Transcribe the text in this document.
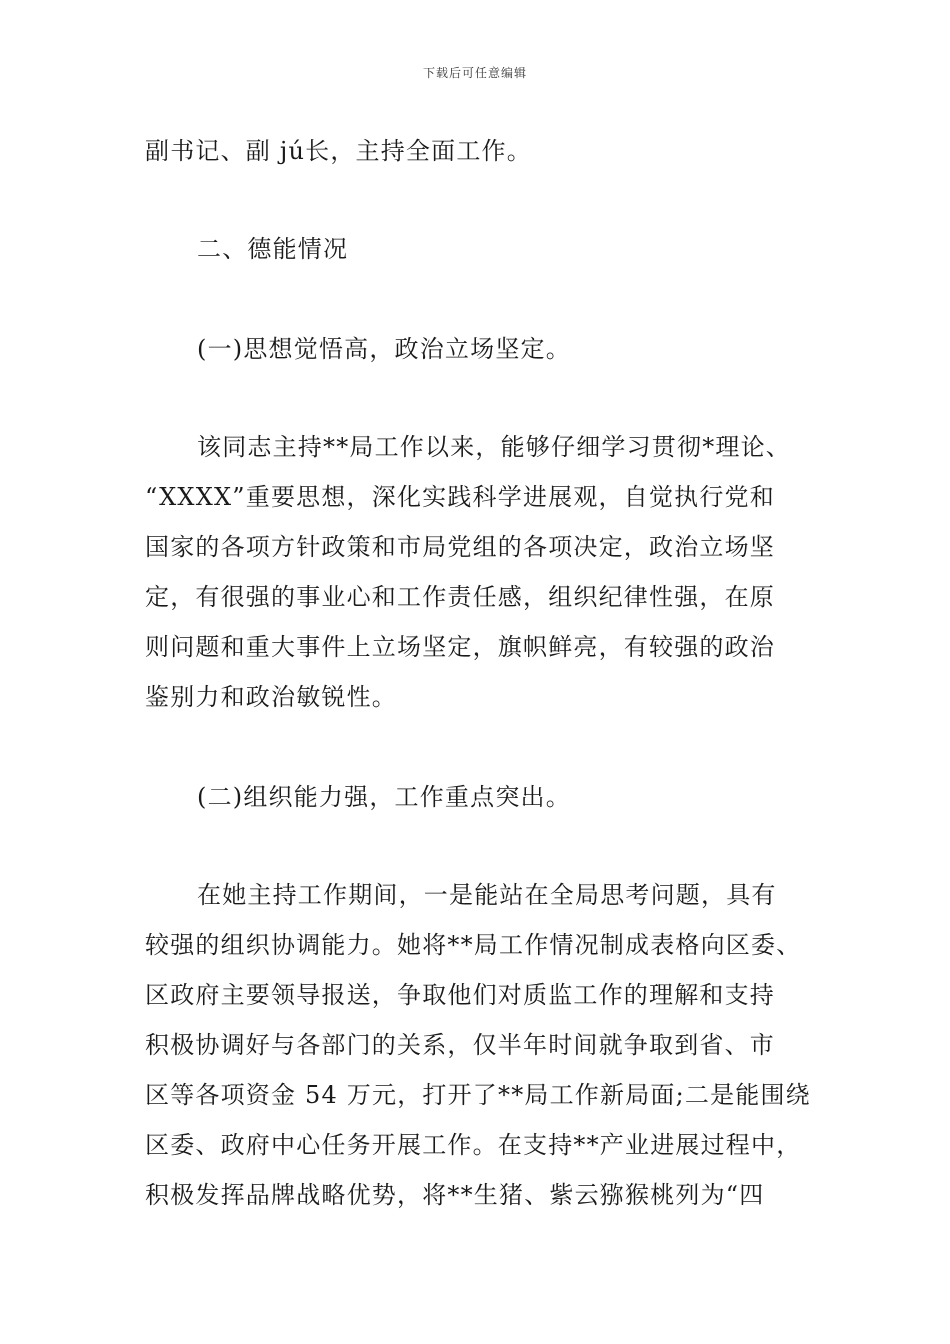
下载后可任意编辑
副书记、副 jú长，主持全面工作。
二、德能情况
(一)思想觉悟高，政治立场坚定。
该同志主持**局工作以来，能够仔细学习贯彻*理论、
“XXXX”重要思想，深化实践科学进展观，自觉执行党和
国家的各项方针政策和市局党组的各项决定，政治立场坚
定，有很强的事业心和工作责任感，组织纪律性强，在原
则问题和重大事件上立场坚定，旗帜鲜亮，有较强的政治
鉴别力和政治敏锐性。
(二)组织能力强，工作重点突出。
在她主持工作期间，一是能站在全局思考问题，具有
较强的组织协调能力。她将**局工作情况制成表格向区委、
区政府主要领导报送，争取他们对质监工作的理解和支持
积极协调好与各部门的关系，仅半年时间就争取到省、市
区等各项资金 54 万元，打开了**局工作新局面;二是能围绕
区委、政府中心任务开展工作。在支持**产业进展过程中，
积极发挥品牌战略优势，将**生猪、紫云猕猴桃列为“四
